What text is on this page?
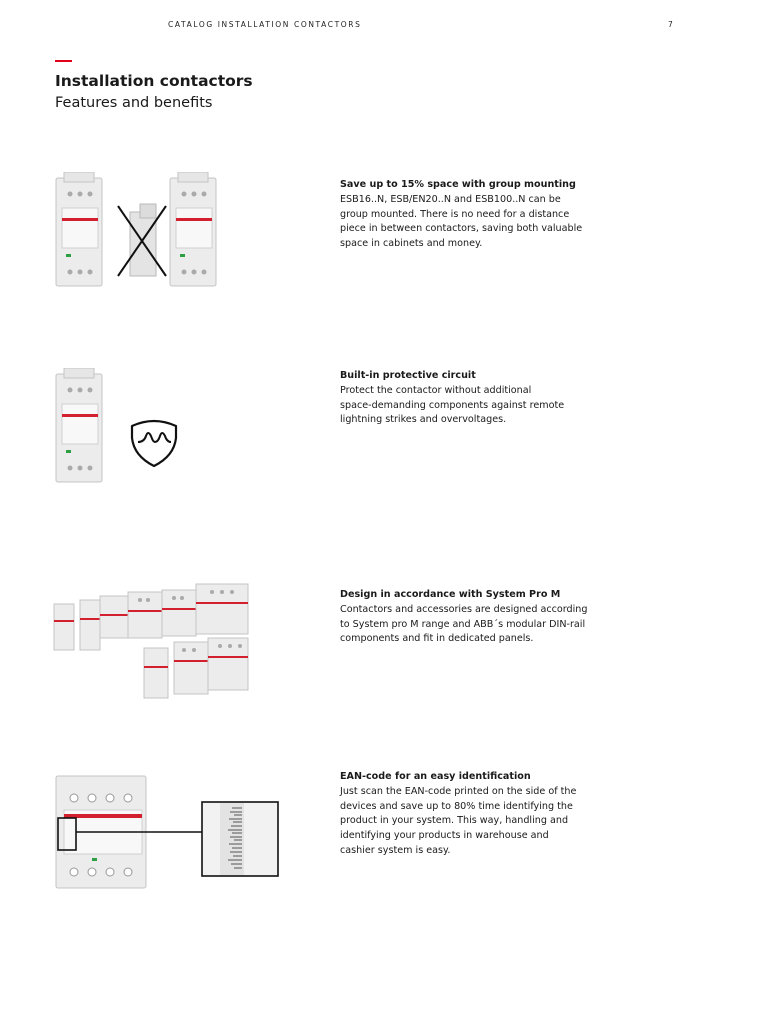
CATALOG INSTALLATION CONTACTORS	7
Installation contactors
Features and benefits
Save up to 15% space with group mounting
ESB16..N, ESB/EN20..N and ESB100..N can be
group mounted. There is no need for a distance
piece in between contactors, saving both valuable
space in cabinets and money.
Built-in protective circuit
Protect the contactor without additional
space-demanding components against remote
lightning strikes and overvoltages.
Design in accordance with System Pro M
Contactors and accessories are designed according
to System pro M range and ABB´s modular DIN-rail
components and fit in dedicated panels.
EAN-code for an easy identification
Just scan the EAN-code printed on the side of the
devices and save up to 80% time identifying the
product in your system. This way, handling and
identifying your products in warehouse and
cashier system is easy.
